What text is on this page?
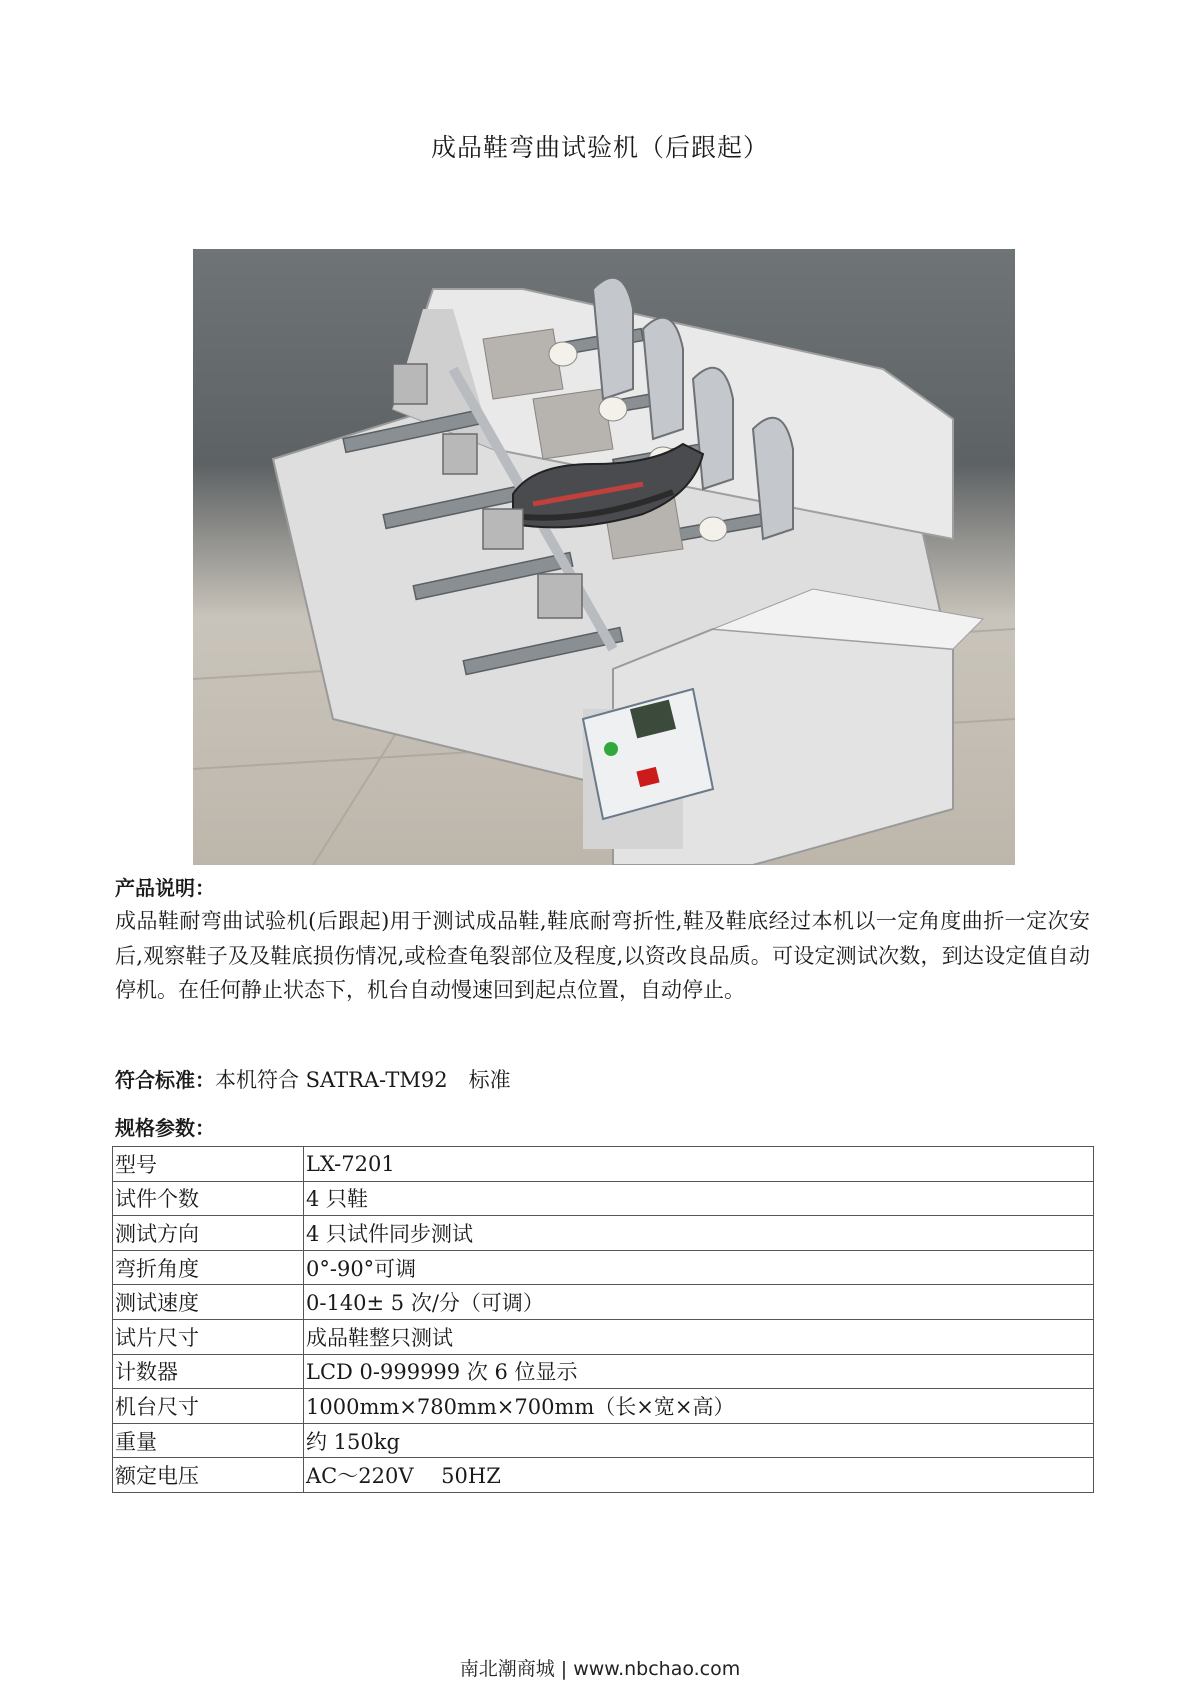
成品鞋弯曲试验机（后跟起）
产品说明：
成品鞋耐弯曲试验机(后跟起)用于测试成品鞋,鞋底耐弯折性,鞋及鞋底经过本机以一定角度曲折一定次安后,观察鞋子及及鞋底损伤情况,或检查龟裂部位及程度,以资改良品质。可设定测试次数，到达设定值自动停机。在任何静止状态下，机台自动慢速回到起点位置，自动停止。
符合标准：本机符合 SATRA-TM92　标准
规格参数：
型号	LX-7201
试件个数	4 只鞋
测试方向	4 只试件同步测试
弯折角度	0°-90°可调
测试速度	0-140± 5 次/分（可调）
试片尺寸	成品鞋整只测试
计数器	LCD 0-999999 次 6 位显示
机台尺寸	1000mm×780mm×700mm（长×宽×高）
重量	约 150kg
额定电压	AC～220V　 50HZ
南北潮商城 | www.nbchao.com
